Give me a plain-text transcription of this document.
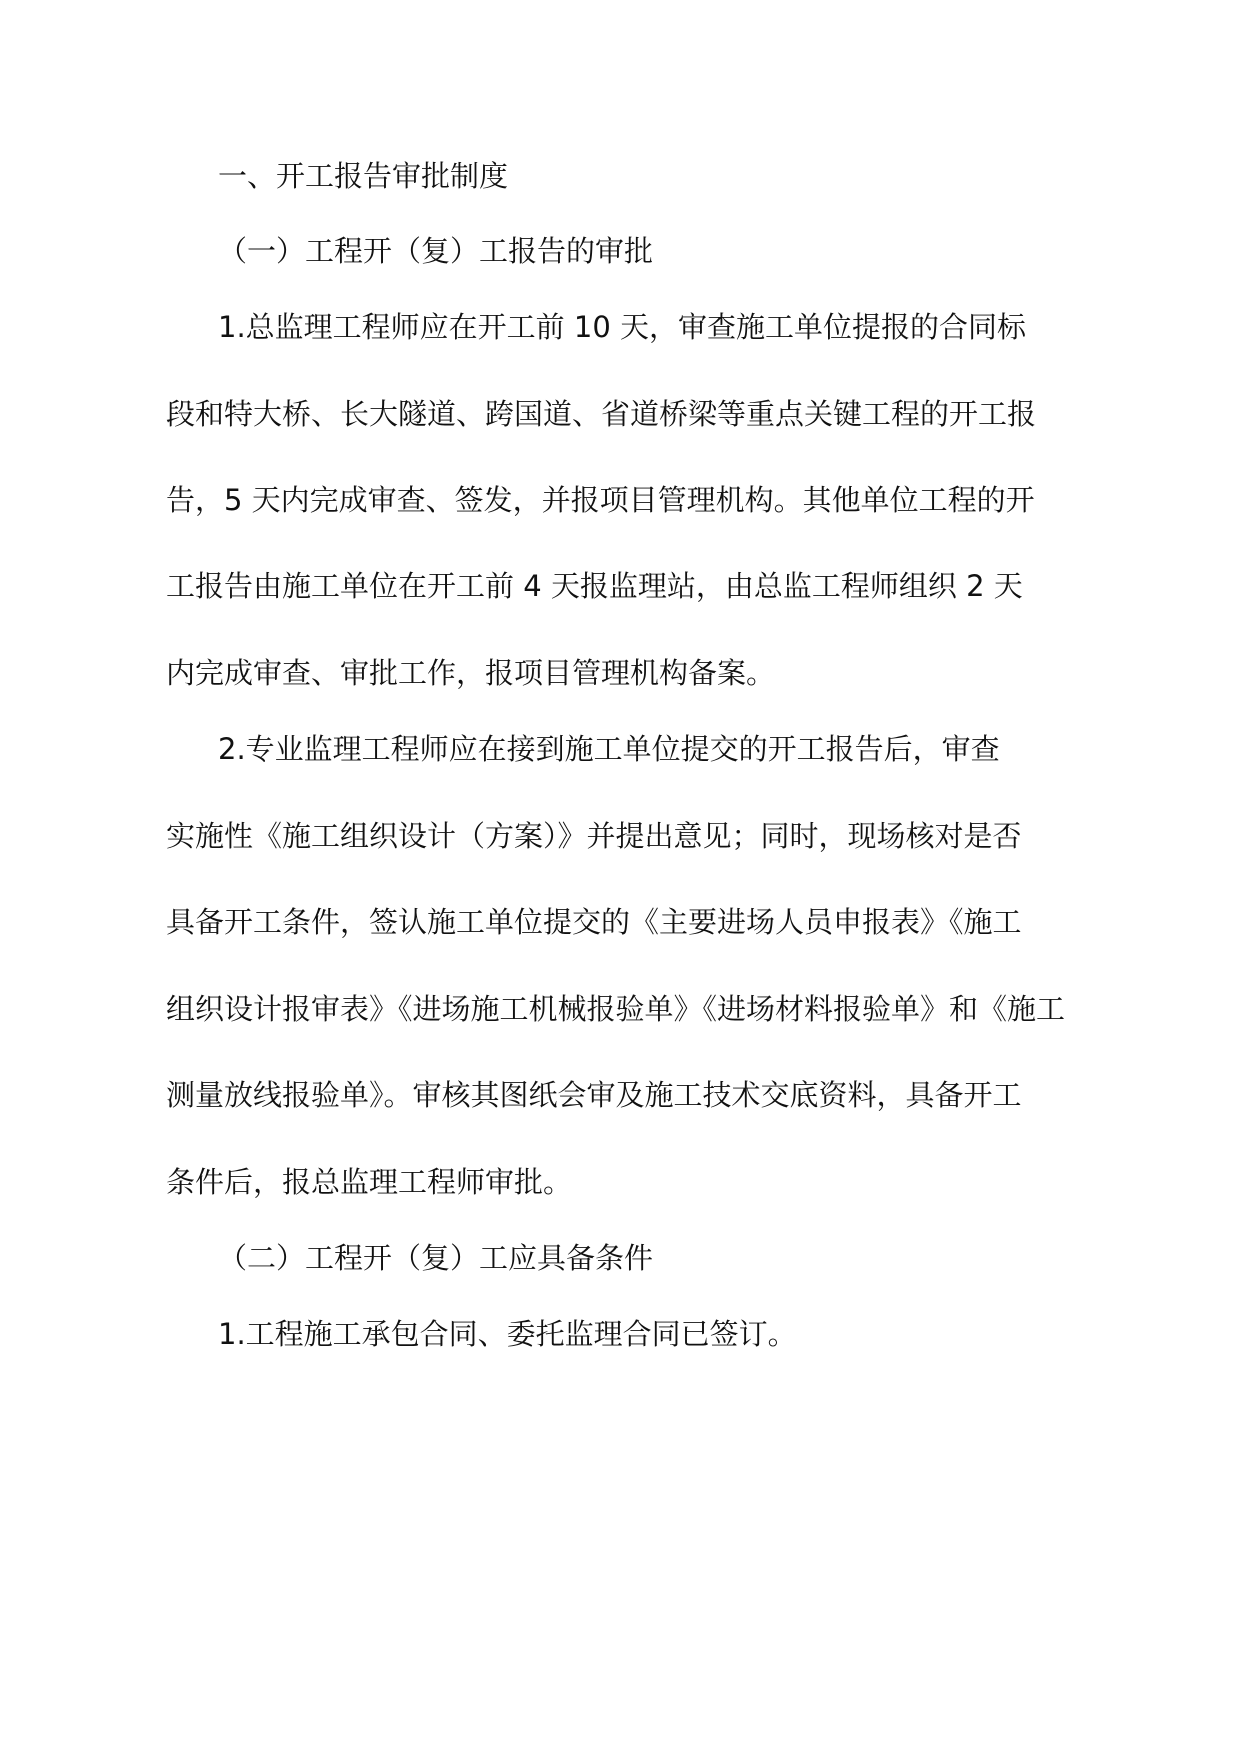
一、开工报告审批制度
（一）工程开（复）工报告的审批
1.总监理工程师应在开工前 10 天，审查施工单位提报的合同标
段和特大桥、长大隧道、跨国道、省道桥梁等重点关键工程的开工报
告，5 天内完成审查、签发，并报项目管理机构。其他单位工程的开
工报告由施工单位在开工前 4 天报监理站，由总监工程师组织 2 天
内完成审查、审批工作，报项目管理机构备案。
2.专业监理工程师应在接到施工单位提交的开工报告后，审查
实施性《施工组织设计（方案）》并提出意见；同时，现场核对是否
具备开工条件，签认施工单位提交的《主要进场人员申报表》《施工
组织设计报审表》《进场施工机械报验单》《进场材料报验单》和《施工
测量放线报验单》。审核其图纸会审及施工技术交底资料，具备开工
条件后，报总监理工程师审批。
（二）工程开（复）工应具备条件
1.工程施工承包合同、委托监理合同已签订。
